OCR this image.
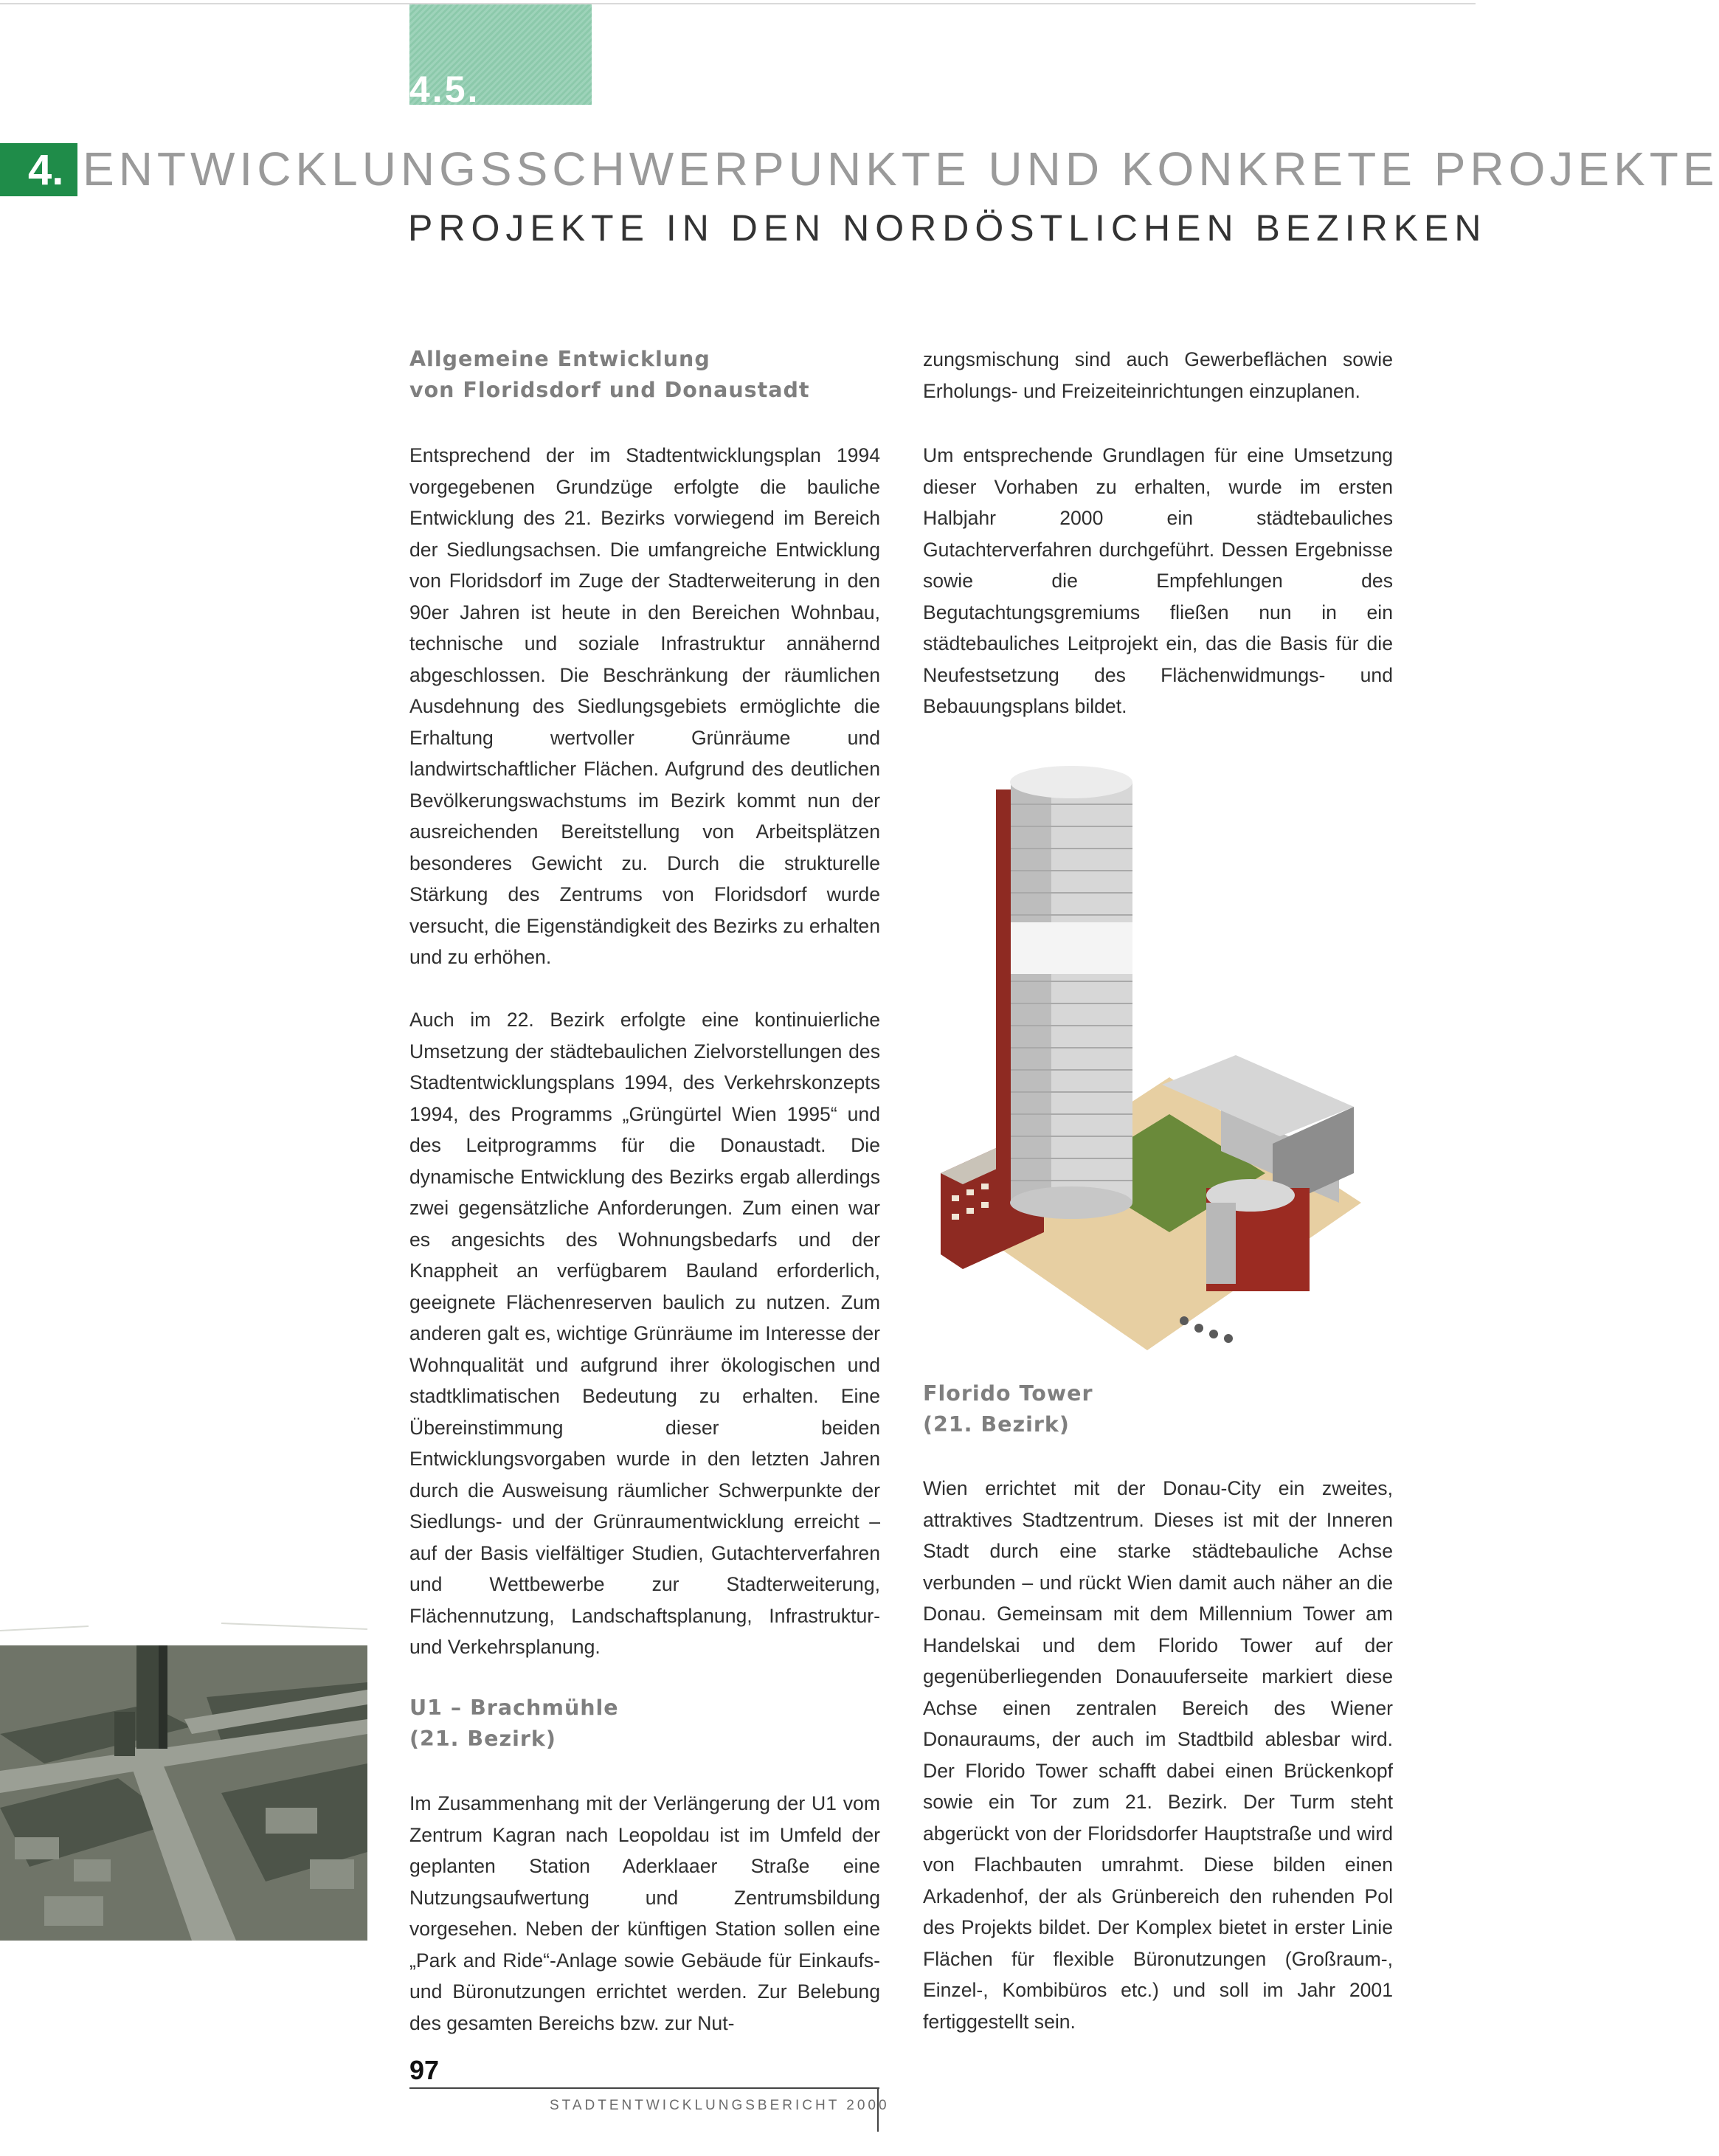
4.5.
4. ENTWICKLUNGSSCHWERPUNKTE UND KONKRETE PROJEKTE
PROJEKTE IN DEN NORDÖSTLICHEN BEZIRKEN
Allgemeine Entwicklung
von Floridsdorf und Donaustadt

Entsprechend der im Stadtentwicklungsplan 1994 vorgegebenen Grundzüge erfolgte die bauliche Entwicklung des 21. Bezirks vorwiegend im Bereich der Siedlungsachsen. Die umfangreiche Entwicklung von Floridsdorf im Zuge der Stadterweiterung in den 90er Jahren ist heute in den Bereichen Wohnbau, technische und soziale Infrastruktur annähernd abgeschlossen. Die Beschränkung der räumlichen Ausdehnung des Siedlungsgebiets ermöglichte die Erhaltung wertvoller Grünräume und landwirtschaftlicher Flächen. Aufgrund des deutlichen Bevölkerungswachstums im Bezirk kommt nun der ausreichenden Bereitstellung von Arbeitsplätzen besonderes Gewicht zu. Durch die strukturelle Stärkung des Zentrums von Floridsdorf wurde versucht, die Eigenständigkeit des Bezirks zu erhalten und zu erhöhen.

Auch im 22. Bezirk erfolgte eine kontinuierliche Umsetzung der städtebaulichen Zielvorstellungen des Stadtentwicklungsplans 1994, des Verkehrskonzepts 1994, des Programms „Grüngürtel Wien 1995“ und des Leitprogramms für die Donaustadt. Die dynamische Entwicklung des Bezirks ergab allerdings zwei gegensätzliche Anforderungen. Zum einen war es angesichts des Wohnungsbedarfs und der Knappheit an verfügbarem Bauland erforderlich, geeignete Flächenreserven baulich zu nutzen. Zum anderen galt es, wichtige Grünräume im Interesse der Wohnqualität und aufgrund ihrer ökologischen und stadtklimatischen Bedeutung zu erhalten. Eine Übereinstimmung dieser beiden Entwicklungsvorgaben wurde in den letzten Jahren durch die Ausweisung räumlicher Schwerpunkte der Siedlungs- und der Grünraumentwicklung erreicht – auf der Basis vielfältiger Studien, Gutachterverfahren und Wettbewerbe zur Stadterweiterung, Flächennutzung, Landschaftsplanung, Infrastruktur- und Verkehrsplanung.

U1 – Brachmühle
(21. Bezirk)

Im Zusammenhang mit der Verlängerung der U1 vom Zentrum Kagran nach Leopoldau ist im Umfeld der geplanten Station Aderklaaer Straße eine Nutzungsaufwertung und Zentrumsbildung vorgesehen. Neben der künftigen Station sollen eine „Park and Ride“-Anlage sowie Gebäude für Einkaufs- und Büronutzungen errichtet werden. Zur Belebung des gesamten Bereichs bzw. zur Nut-

zungsmischung sind auch Gewerbeflächen sowie Erholungs- und Freizeiteinrichtungen einzuplanen.

Um entsprechende Grundlagen für eine Umsetzung dieser Vorhaben zu erhalten, wurde im ersten Halbjahr 2000 ein städtebauliches Gutachterverfahren durchgeführt. Dessen Ergebnisse sowie die Empfehlungen des Begutachtungsgremiums fließen nun in ein städtebauliches Leitprojekt ein, das die Basis für die Neufestsetzung des Flächenwidmungs- und Bebauungsplans bildet.

Florido Tower
(21. Bezirk)

Wien errichtet mit der Donau-City ein zweites, attraktives Stadtzentrum. Dieses ist mit der Inneren Stadt durch eine starke städtebauliche Achse verbunden – und rückt Wien damit auch näher an die Donau. Gemeinsam mit dem Millennium Tower am Handelskai und dem Florido Tower auf der gegenüberliegenden Donauuferseite markiert diese Achse einen zentralen Bereich des Wiener Donauraums, der auch im Stadtbild ablesbar wird. Der Florido Tower schafft dabei einen Brückenkopf sowie ein Tor zum 21. Bezirk. Der Turm steht abgerückt von der Floridsdorfer Hauptstraße und wird von Flachbauten umrahmt. Diese bilden einen Arkadenhof, der als Grünbereich den ruhenden Pol des Projekts bildet. Der Komplex bietet in erster Linie Flächen für flexible Büronutzungen (Großraum-, Einzel-, Kombibüros etc.) und soll im Jahr 2001 fertiggestellt sein.

97
STADTENTWICKLUNGSBERICHT 2000
